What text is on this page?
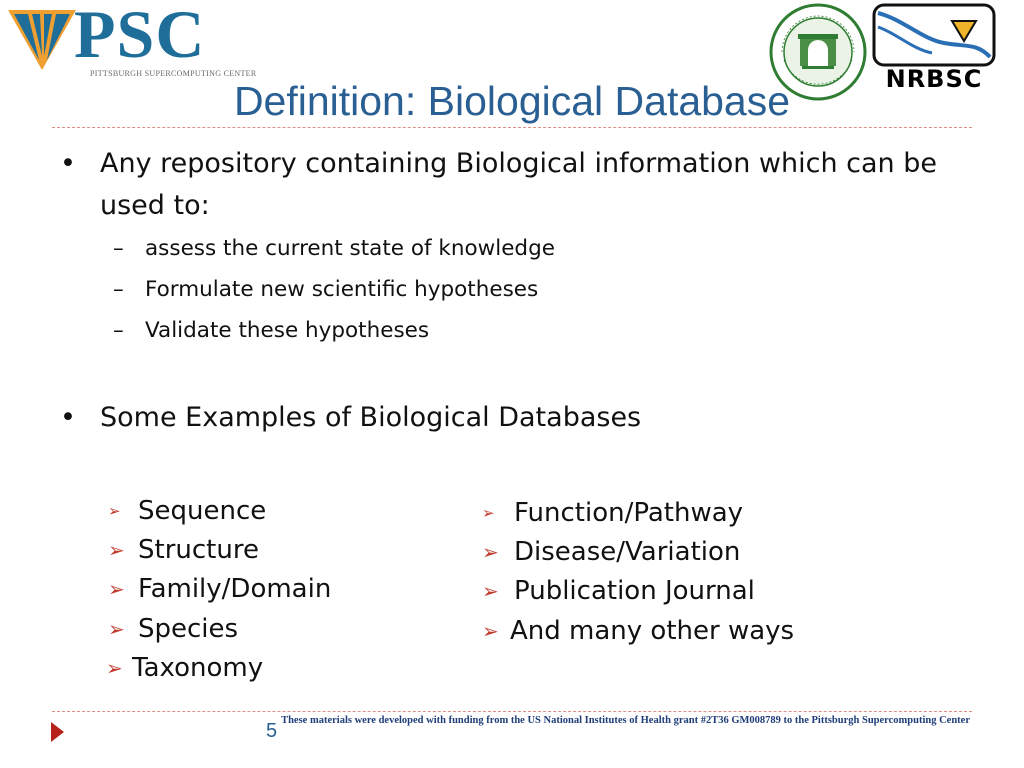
PSC
PITTSBURGH SUPERCOMPUTING CENTER	NRBSC
Definition: Biological Database
• Any repository containing Biological information which can be used to:
– assess the current state of knowledge
– Formulate new scientific hypotheses
– Validate these hypotheses
• Some Examples of Biological Databases
➢ Sequence
➢ Structure
➢ Family/Domain
➢ Species
➢ Taxonomy
➢ Function/Pathway
➢ Disease/Variation
➢ Publication Journal
➢ And many other ways
These materials were developed with funding from the US National Institutes of Health grant #2T36 GM008789 to the Pittsburgh Supercomputing Center
5
